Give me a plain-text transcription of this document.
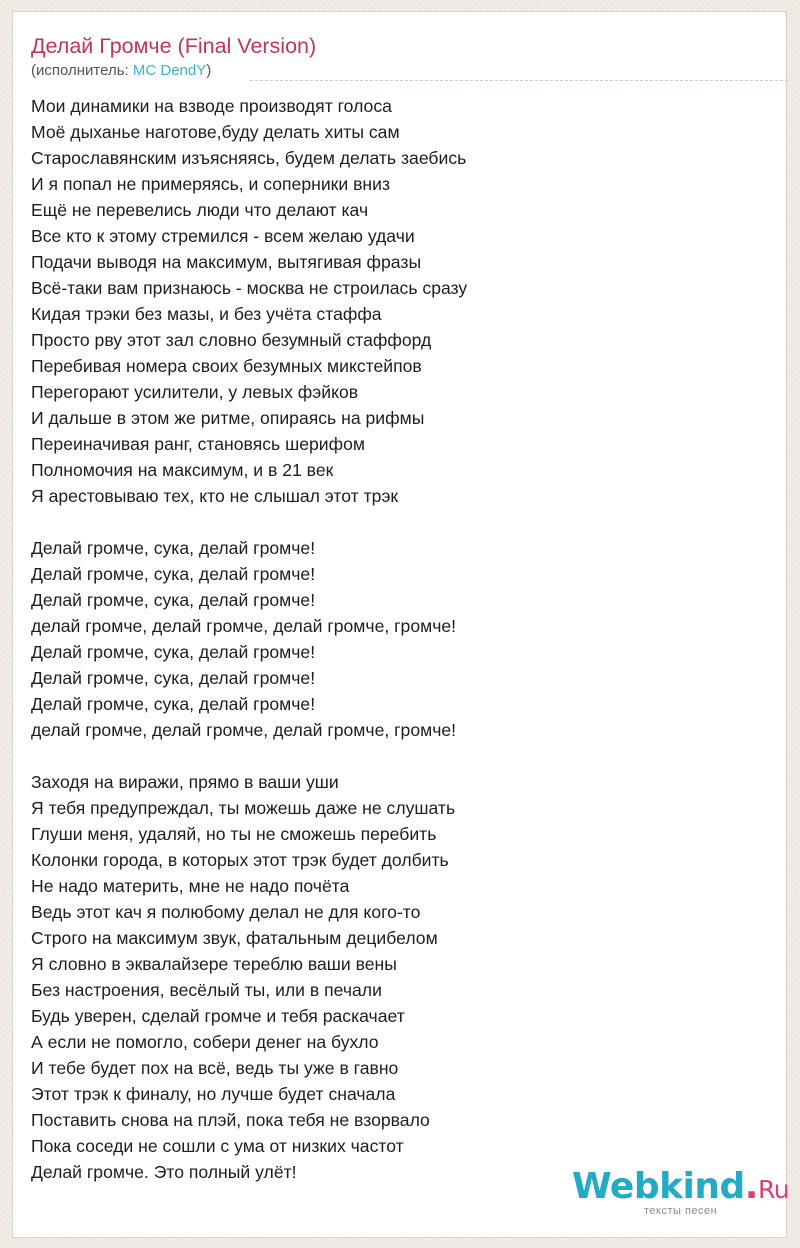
Делай Громче (Final Version)
(исполнитель: MC DendY)
Мои динамики на взводе производят голоса
Моё дыханье наготове,буду делать хиты сам
Старославянским изъясняясь, будем делать заебись
И я попал не примеряясь, и соперники вниз
Ещё не перевелись люди что делают кач
Все кто к этому стремился - всем желаю удачи
Подачи выводя на максимум, вытягивая фразы
Всё-таки вам признаюсь - москва не строилась сразу
Кидая трэки без мазы, и без учёта стаффа
Просто рву этот зал словно безумный стаффорд
Перебивая номера своих безумных микстейпов
Перегорают усилители, у левых фэйков
И дальше в этом же ритме, опираясь на рифмы
Переиначивая ранг, становясь шерифом
Полномочия на максимум, и в 21 век
Я арестовываю тех, кто не слышал этот трэк
Делай громче, сука, делай громче!
Делай громче, сука, делай громче!
Делай громче, сука, делай громче!
делай громче, делай громче, делай громче, громче!
Делай громче, сука, делай громче!
Делай громче, сука, делай громче!
Делай громче, сука, делай громче!
делай громче, делай громче, делай громче, громче!
Заходя на виражи, прямо в ваши уши
Я тебя предупреждал, ты можешь даже не слушать
Глуши меня, удаляй, но ты не сможешь перебить
Колонки города, в которых этот трэк будет долбить
Не надо материть, мне не надо почёта
Ведь этот кач я полюбому делал не для кого-то
Строго на максимум звук, фатальным децибелом
Я словно в эквалайзере тереблю ваши вены
Без настроения, весёлый ты, или в печали
Будь уверен, сделай громче и тебя раскачает
А если не помогло, собери денег на бухло
И тебе будет пох на всё, ведь ты уже в гавно
Этот трэк к финалу, но лучше будет сначала
Поставить снова на плэй, пока тебя не взорвало
Пока соседи не сошли с ума от низких частот
Делай громче. Это полный улёт!	Webkind.Ru
тексты песен
